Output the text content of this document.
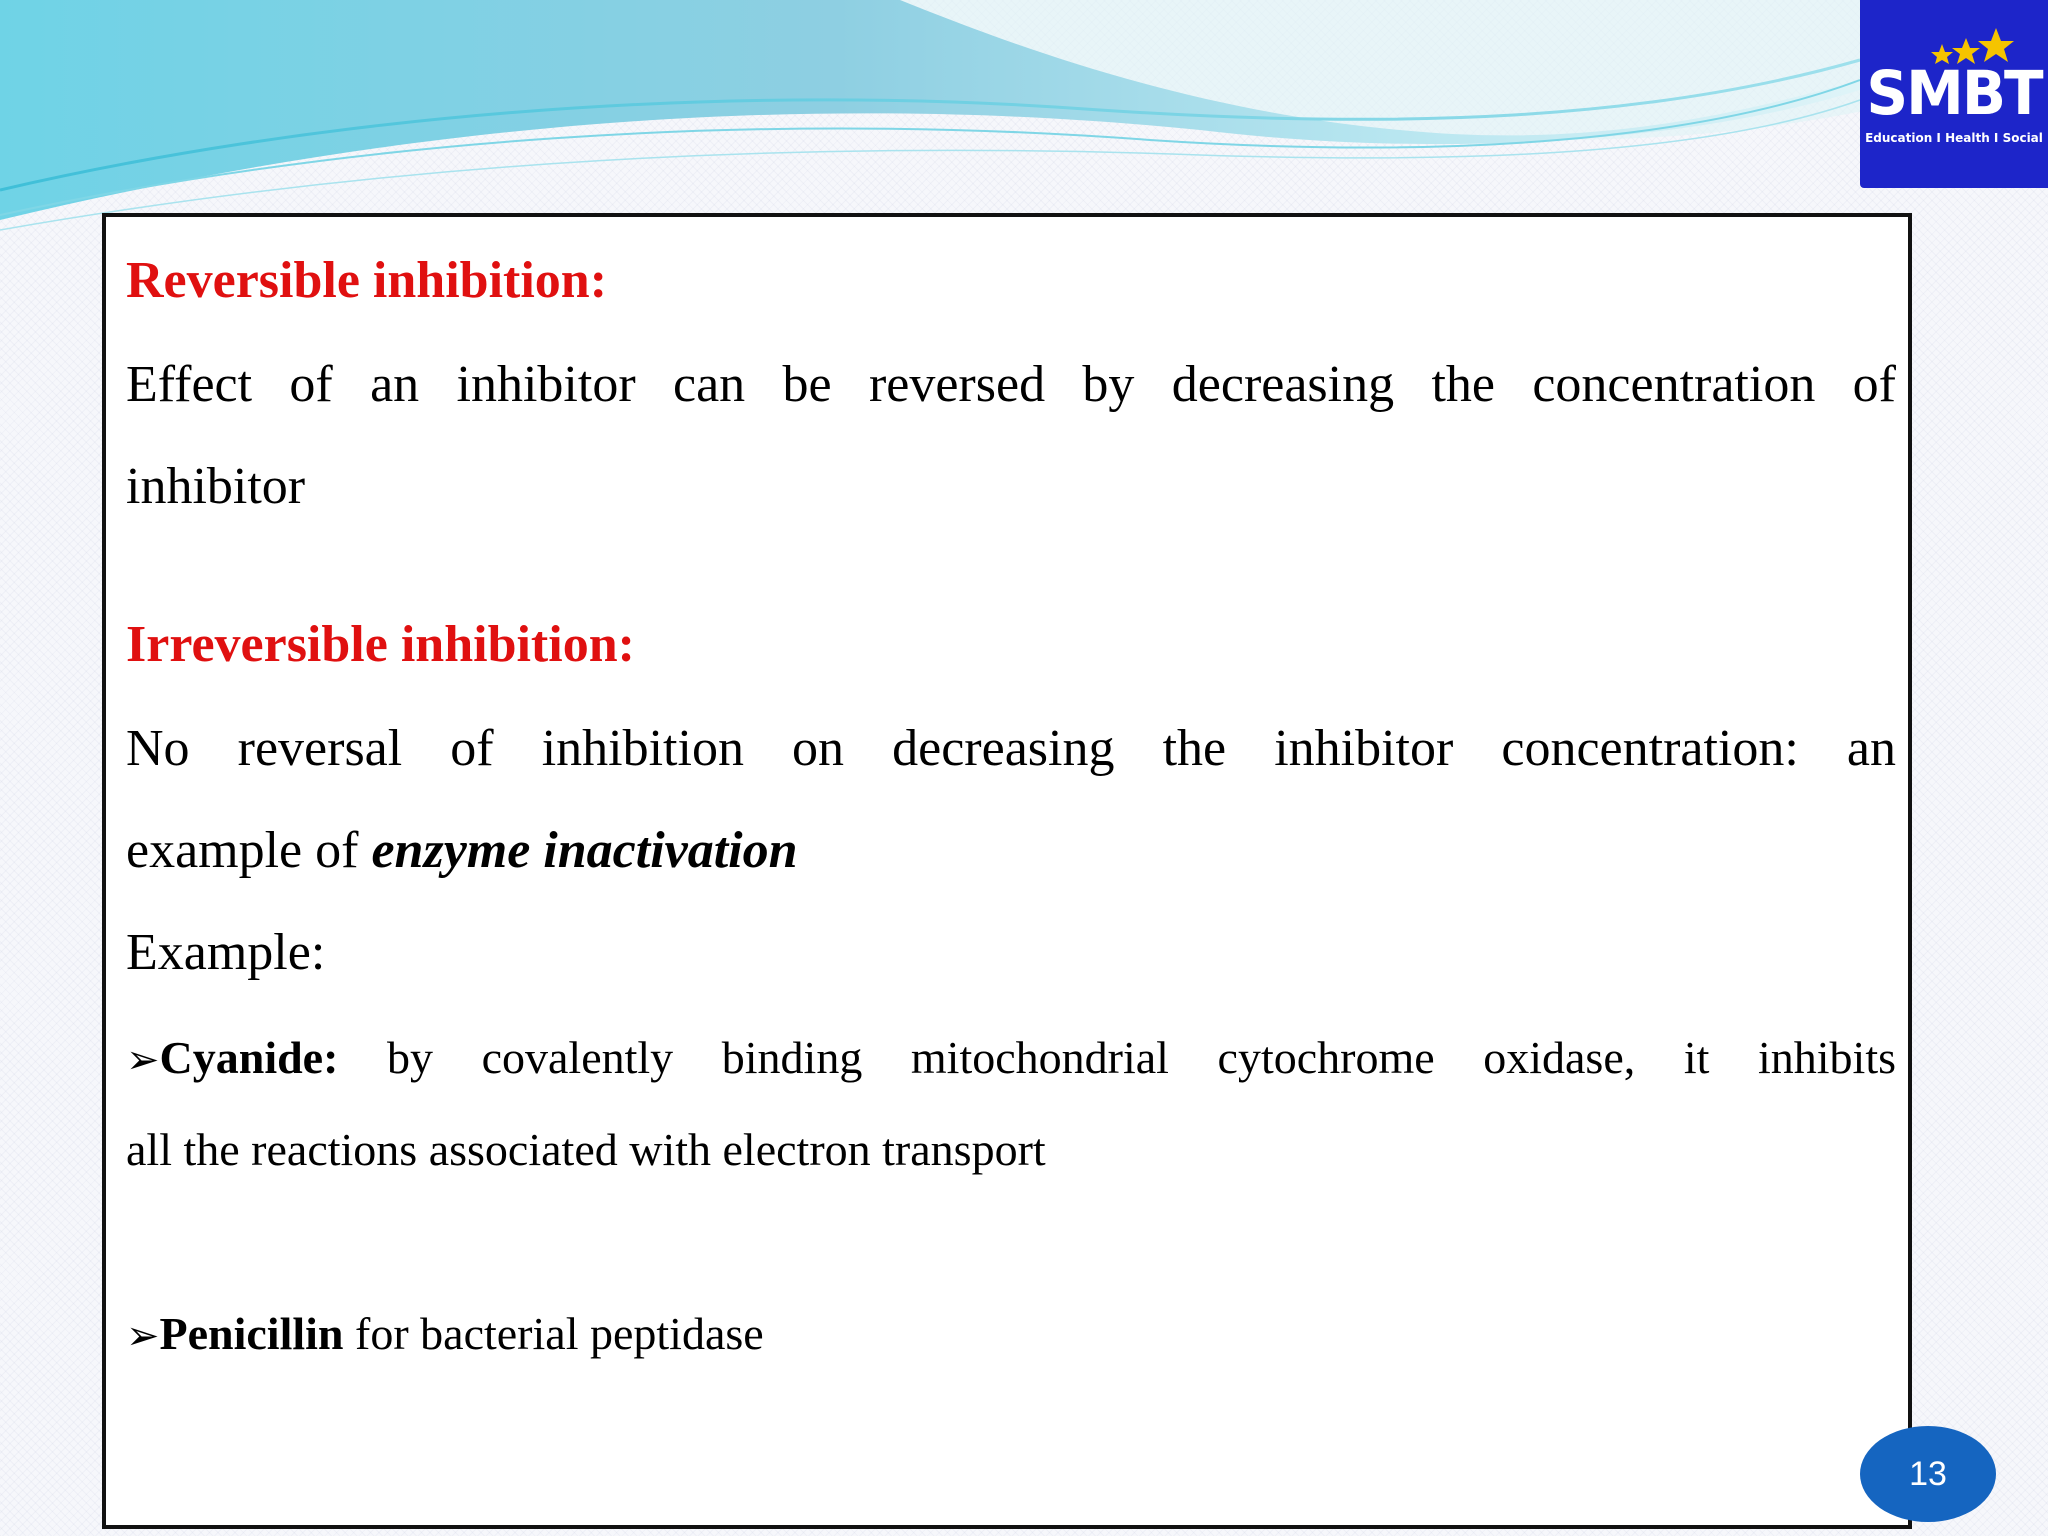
SMBT
Education I Health I Social

Reversible inhibition:

Effect of an inhibitor can be reversed by decreasing the concentration of

inhibitor

Irreversible inhibition:

No reversal of inhibition on decreasing the inhibitor concentration: an

example of enzyme inactivation

Example:

➢Cyanide: by covalently binding mitochondrial cytochrome oxidase, it inhibits

all the reactions associated with electron transport

➢Penicillin for bacterial peptidase

13
